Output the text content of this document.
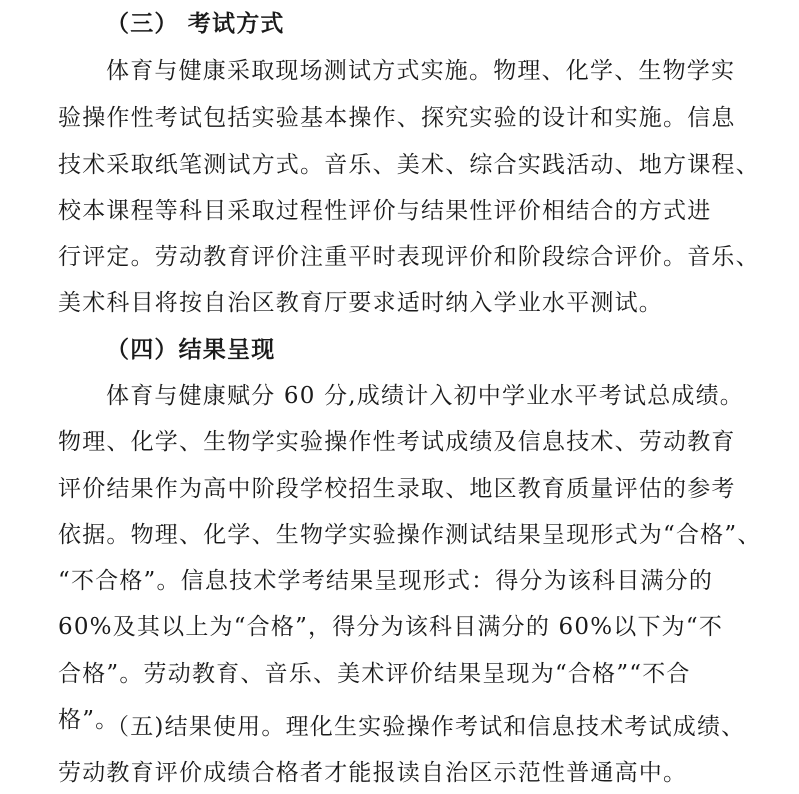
（三） 考试方式
体育与健康采取现场测试方式实施。物理、化学、生物学实
验操作性考试包括实验基本操作、探究实验的设计和实施。信息
技术采取纸笔测试方式。音乐、美术、综合实践活动、地方课程、
校本课程等科目采取过程性评价与结果性评价相结合的方式进
行评定。劳动教育评价注重平时表现评价和阶段综合评价。音乐、
美术科目将按自治区教育厅要求适时纳入学业水平测试。
（四）结果呈现
体育与健康赋分 60 分,成绩计入初中学业水平考试总成绩。
物理、化学、生物学实验操作性考试成绩及信息技术、劳动教育
评价结果作为高中阶段学校招生录取、地区教育质量评估的参考
依据。物理、化学、生物学实验操作测试结果呈现形式为“合格”、
“不合格”。信息技术学考结果呈现形式：得分为该科目满分的
60%及其以上为“合格”，得分为该科目满分的 60%以下为“不
合格”。劳动教育、音乐、美术评价结果呈现为“合格”“不合
格”。
（五)结果使用。理化生实验操作考试和信息技术考试成绩、
劳动教育评价成绩合格者才能报读自治区示范性普通高中。
